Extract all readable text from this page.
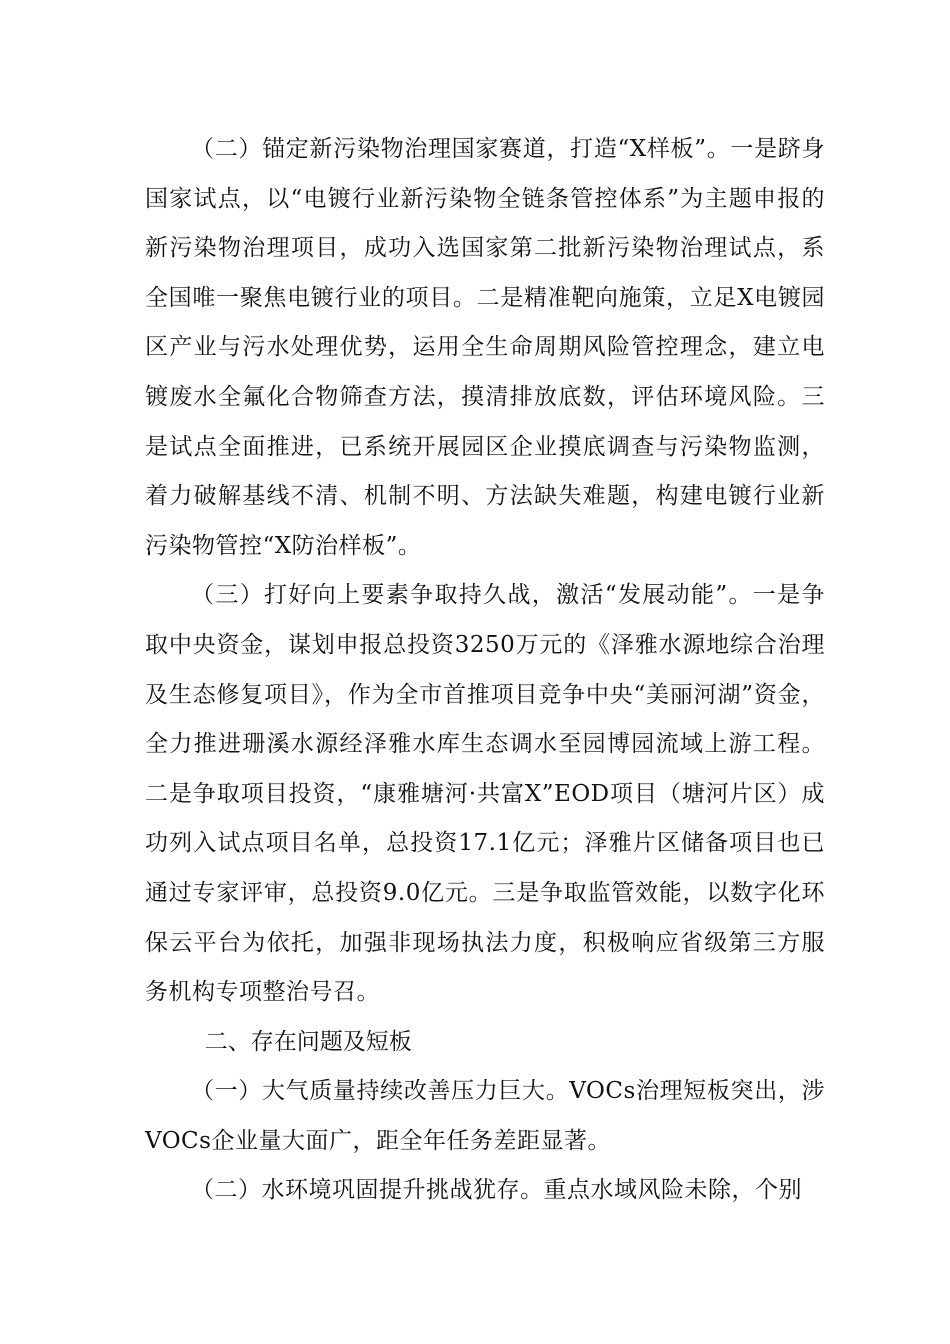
（二）锚定新污染物治理国家赛道，打造“X样板”。一是跻身国家试点，以“电镀行业新污染物全链条管控体系”为主题申报的新污染物治理项目，成功入选国家第二批新污染物治理试点，系全国唯一聚焦电镀行业的项目。二是精准靶向施策，立足X电镀园区产业与污水处理优势，运用全生命周期风险管控理念，建立电镀废水全氟化合物筛查方法，摸清排放底数，评估环境风险。三是试点全面推进，已系统开展园区企业摸底调查与污染物监测，着力破解基线不清、机制不明、方法缺失难题，构建电镀行业新污染物管控“X防治样板”。

（三）打好向上要素争取持久战，激活“发展动能”。一是争取中央资金，谋划申报总投资3250万元的《泽雅水源地综合治理及生态修复项目》，作为全市首推项目竞争中央“美丽河湖”资金，全力推进珊溪水源经泽雅水库生态调水至园博园流域上游工程。二是争取项目投资，“康雅塘河·共富X”EOD项目（塘河片区）成功列入试点项目名单，总投资17.1亿元；泽雅片区储备项目也已通过专家评审，总投资9.0亿元。三是争取监管效能，以数字化环保云平台为依托，加强非现场执法力度，积极响应省级第三方服务机构专项整治号召。

二、存在问题及短板

（一）大气质量持续改善压力巨大。VOCs治理短板突出，涉VOCs企业量大面广，距全年任务差距显著。

（二）水环境巩固提升挑战犹存。重点水域风险未除，个别
